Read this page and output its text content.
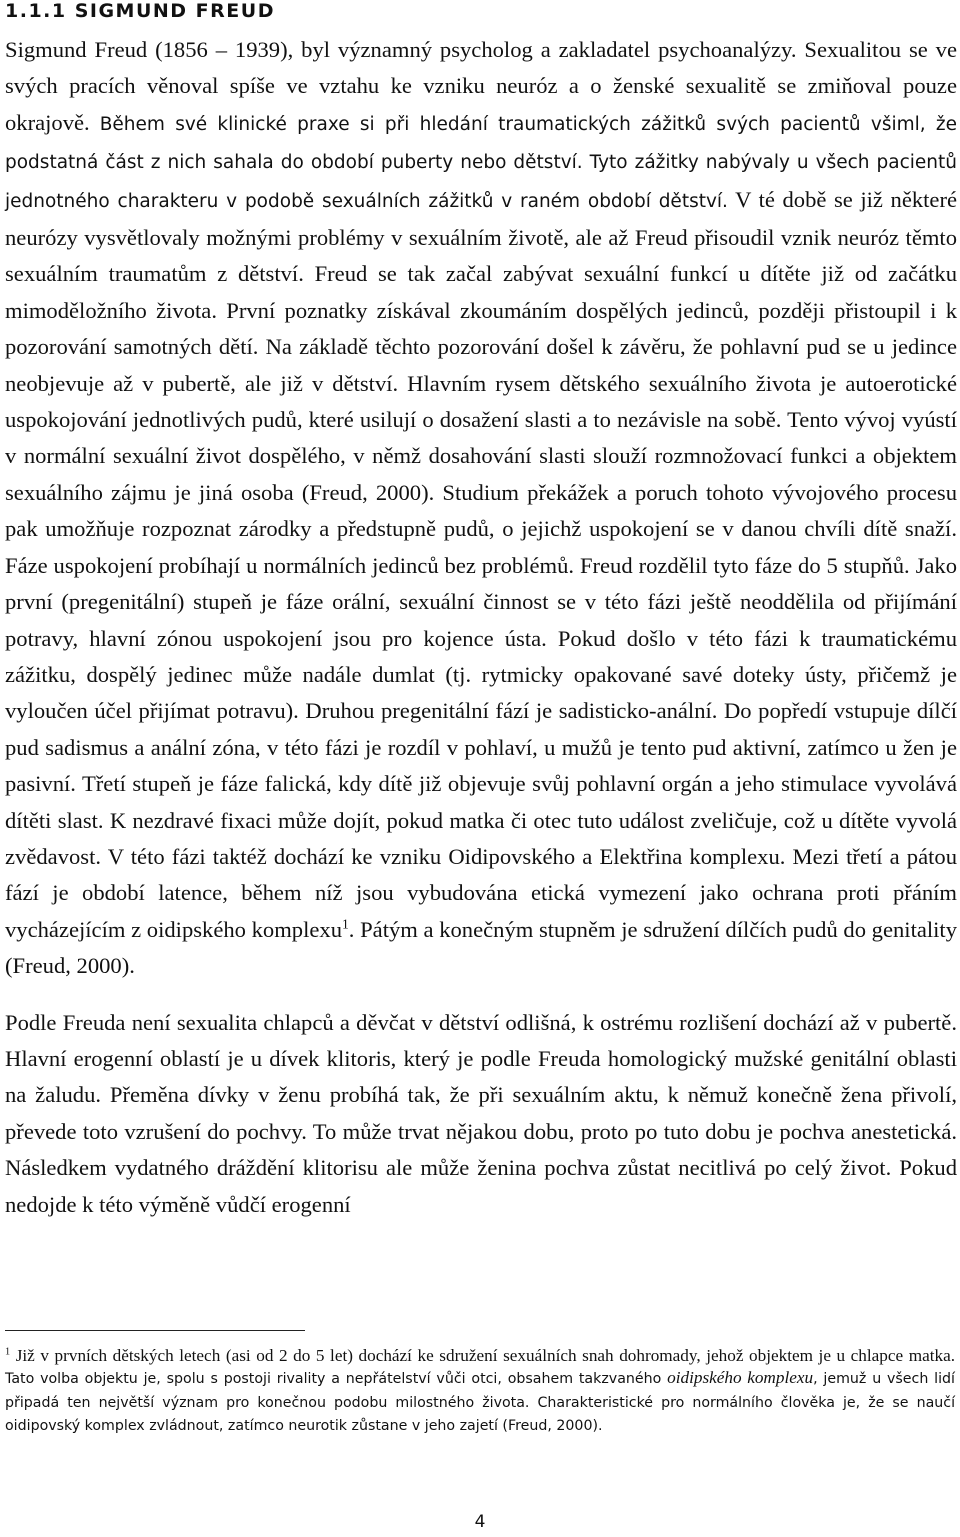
1.1.1 SIGMUND FREUD

Sigmund Freud (1856 – 1939), byl významný psycholog a zakladatel psychoanalýzy. Sexualitou se ve svých pracích věnoval spíše ve vztahu ke vzniku neuróz a o ženské sexualitě se zmiňoval pouze okrajově. Během své klinické praxe si při hledání traumatických zážitků svých pacientů všiml, že podstatná část z nich sahala do období puberty nebo dětství. Tyto zážitky nabývaly u všech pacientů jednotného charakteru v podobě sexuálních zážitků v raném období dětství. V té době se již některé neurózy vysvětlovaly možnými problémy v sexuálním životě, ale až Freud přisoudil vznik neuróz těmto sexuálním traumatům z dětství. Freud se tak začal zabývat sexuální funkcí u dítěte již od začátku mimoděložního života. První poznatky získával zkoumáním dospělých jedinců, později přistoupil i k pozorování samotných dětí. Na základě těchto pozorování došel k závěru, že pohlavní pud se u jedince neobjevuje až v pubertě, ale již v dětství. Hlavním rysem dětského sexuálního života je autoerotické uspokojování jednotlivých pudů, které usilují o dosažení slasti a to nezávisle na sobě. Tento vývoj vyústí v normální sexuální život dospělého, v němž dosahování slasti slouží rozmnožovací funkci a objektem sexuálního zájmu je jiná osoba (Freud, 2000). Studium překážek a poruch tohoto vývojového procesu pak umožňuje rozpoznat zárodky a předstupně pudů, o jejichž uspokojení se v danou chvíli dítě snaží. Fáze uspokojení probíhají u normálních jedinců bez problémů. Freud rozdělil tyto fáze do 5 stupňů. Jako první (pregenitální) stupeň je fáze orální, sexuální činnost se v této fázi ještě neoddělila od přijímání potravy, hlavní zónou uspokojení jsou pro kojence ústa. Pokud došlo v této fázi k traumatickému zážitku, dospělý jedinec může nadále dumlat (tj. rytmicky opakované savé doteky ústy, přičemž je vyloučen účel přijímat potravu). Druhou pregenitální fází je sadisticko-anální. Do popředí vstupuje dílčí pud sadismus a anální zóna, v této fázi je rozdíl v pohlaví, u mužů je tento pud aktivní, zatímco u žen je pasivní. Třetí stupeň je fáze falická, kdy dítě již objevuje svůj pohlavní orgán a jeho stimulace vyvolává dítěti slast. K nezdravé fixaci může dojít, pokud matka či otec tuto událost zveličuje, což u dítěte vyvolá zvědavost. V této fázi taktéž dochází ke vzniku Oidipovského a Elektřina komplexu. Mezi třetí a pátou fází je období latence, během níž jsou vybudována etická vymezení jako ochrana proti přáním vycházejícím z oidipského komplexu$^1$. Pátým a konečným stupněm je sdružení dílčích pudů do genitality (Freud, 2000).

Podle Freuda není sexualita chlapců a děvčat v dětství odlišná, k ostrému rozlišení dochází až v pubertě. Hlavní erogenní oblastí je u dívek klitoris, který je podle Freuda homologický mužské genitální oblasti na žaludu. Přeměna dívky v ženu probíhá tak, že při sexuálním aktu, k němuž konečně žena přivolí, převede toto vzrušení do pochvy. To může trvat nějakou dobu, proto po tuto dobu je pochva anestetická. Následkem vydatného dráždění klitorisu ale může ženina pochva zůstat necitlivá po celý život. Pokud nedojde k této výměně vůdčí erogenní

$^1$ Již v prvních dětských letech (asi od 2 do 5 let) dochází ke sdružení sexuálních snah dohromady, jehož objektem je u chlapce matka. Tato volba objektu je, spolu s postoji rivality a nepřátelství vůči otci, obsahem takzvaného oidipského komplexu, jemuž u všech lidí připadá ten největší význam pro konečnou podobu milostného života. Charakteristické pro normálního člověka je, že se naučí oidipovský komplex zvládnout, zatímco neurotik zůstane v jeho zajetí (Freud, 2000).

4
